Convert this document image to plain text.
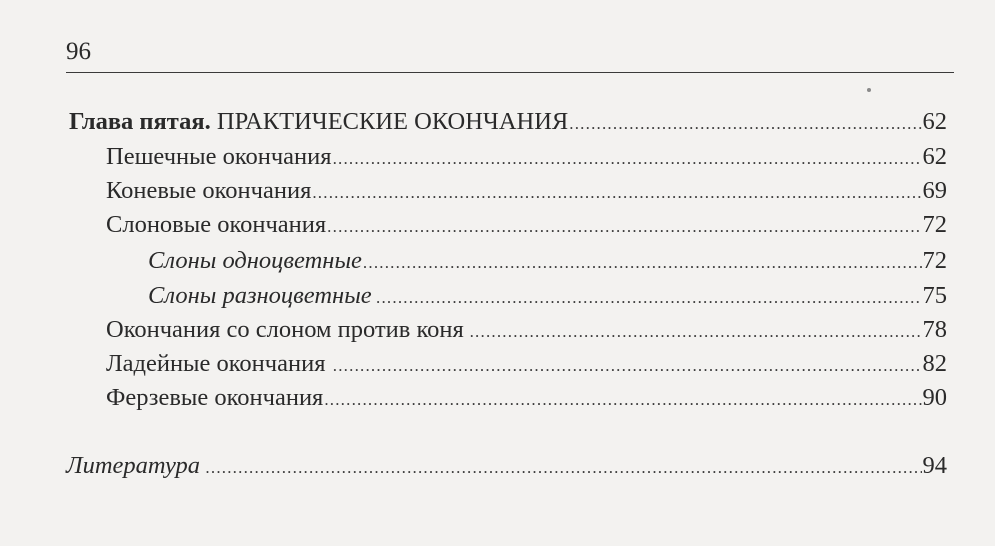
96
Глава пятая. ПРАКТИЧЕСКИЕ ОКОНЧАНИЯ .....	62
Пешечные окончания .....	62
Коневые окончания .....	69
Слоновые окончания .....	72
Слоны одноцветные .....	72
Слоны разноцветные .....	75
Окончания со слоном против коня .....	78
Ладейные окончания .....	82
Ферзевые окончания .....	90
Литература .....	94
